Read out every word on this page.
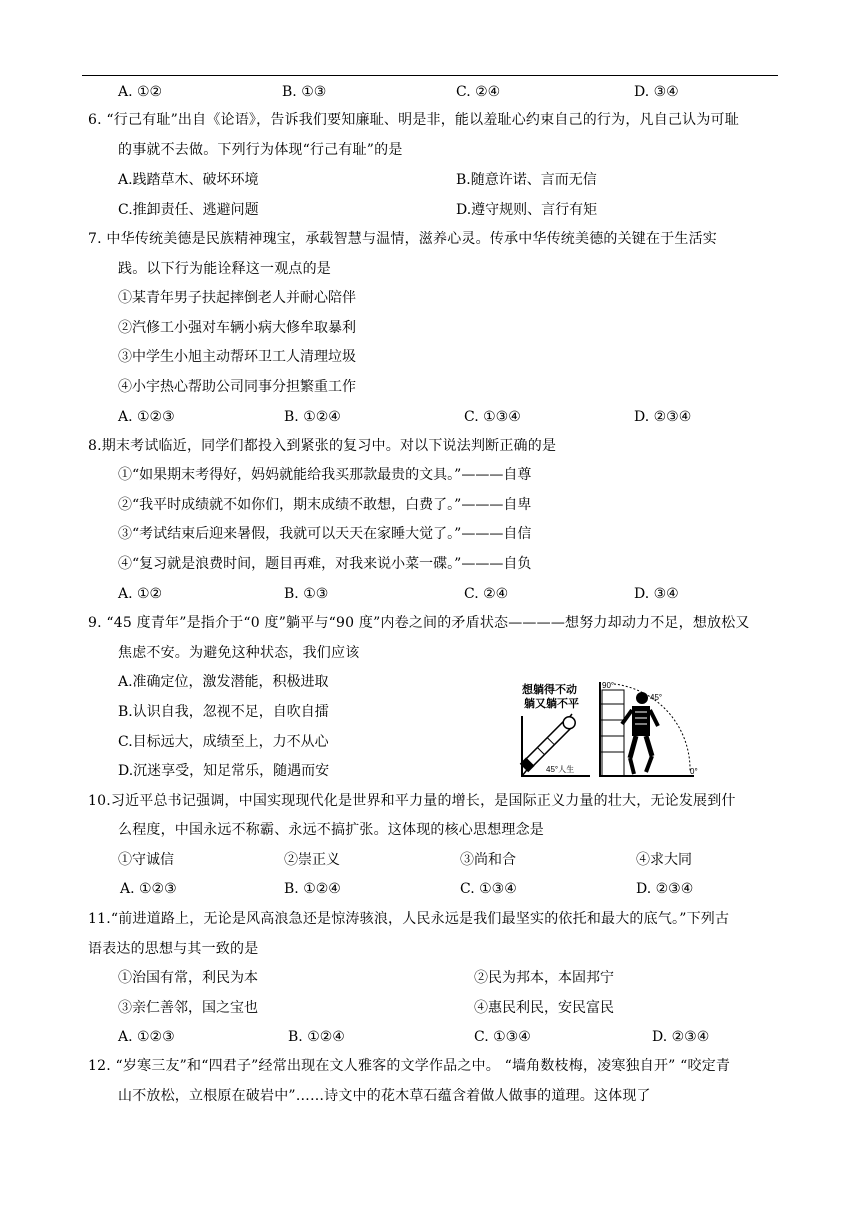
A. ①②	B. ①③	C. ②④	D. ③④
6. “行己有耻”出自《论语》，告诉我们要知廉耻、明是非，能以羞耻心约束自己的行为，凡自己认为可耻
的事就不去做。下列行为体现“行己有耻”的是
A.践踏草木、破坏环境	B.随意许诺、言而无信
C.推卸责任、逃避问题	D.遵守规则、言行有矩
7. 中华传统美德是民族精神瑰宝，承载智慧与温情，滋养心灵。传承中华传统美德的关键在于生活实
践。以下行为能诠释这一观点的是
①某青年男子扶起摔倒老人并耐心陪伴
②汽修工小强对车辆小病大修牟取暴利
③中学生小旭主动帮环卫工人清理垃圾
④小宇热心帮助公司同事分担繁重工作
A. ①②③	B. ①②④	C. ①③④	D. ②③④
8.期末考试临近，同学们都投入到紧张的复习中。对以下说法判断正确的是
①“如果期末考得好，妈妈就能给我买那款最贵的文具。”———自尊
②“我平时成绩就不如你们，期末成绩不敢想，白费了。”———自卑
③“考试结束后迎来暑假，我就可以天天在家睡大觉了。”———自信
④“复习就是浪费时间，题目再难，对我来说小菜一碟。”———自负
A. ①②	B. ①③	C. ②④	D. ③④
9. “45 度青年”是指介于“0 度”躺平与“90 度”内卷之间的矛盾状态————想努力却动力不足，想放松又
焦虑不安。为避免这种状态，我们应该
A.准确定位，激发潜能，积极进取
B.认识自我，忽视不足，自吹自擂
C.目标远大，成绩至上，力不从心
D.沉迷享受，知足常乐，随遇而安
想躺得不动
躺又躺不平
45°人生
90°
45°
0°
10.习近平总书记强调，中国实现现代化是世界和平力量的增长，是国际正义力量的壮大，无论发展到什
么程度，中国永远不称霸、永远不搞扩张。这体现的核心思想理念是
①守诚信	②崇正义	③尚和合	④求大同
A. ①②③	B. ①②④	C. ①③④	D. ②③④
11.“前进道路上，无论是风高浪急还是惊涛骇浪，人民永远是我们最坚实的依托和最大的底气。”下列古
语表达的思想与其一致的是
①治国有常，利民为本	②民为邦本，本固邦宁
③亲仁善邻，国之宝也	④惠民利民，安民富民
A. ①②③	B. ①②④	C. ①③④	D. ②③④
12. “岁寒三友”和“四君子”经常出现在文人雅客的文学作品之中。 “墙角数枝梅，凌寒独自开” “咬定青
山不放松，立根原在破岩中”……诗文中的花木草石蕴含着做人做事的道理。这体现了
